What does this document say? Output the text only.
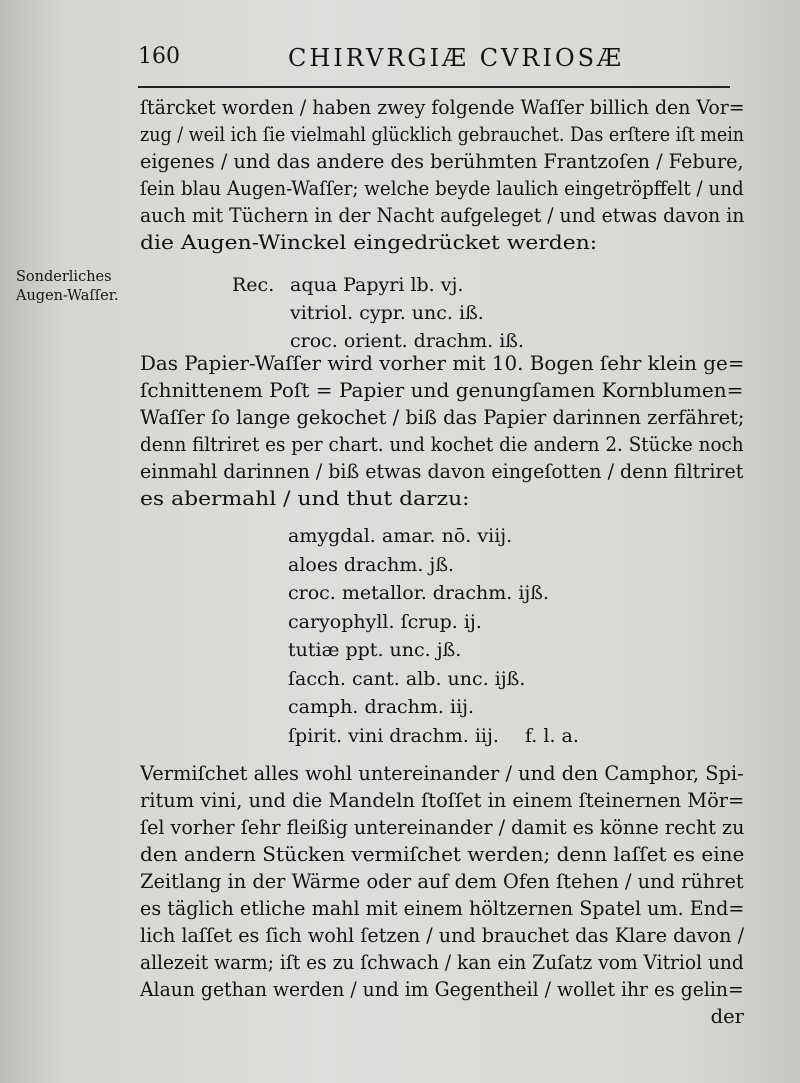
160	CHIRVRGIÆ CVRIOSÆ
ſtärcket worden / haben zwey folgende Waſſer billich den Vor=
zug / weil ich ſie vielmahl glücklich gebrauchet. Das erſtere iſt mein
eigenes / und das andere des berühmten Frantzoſen / Febure,
ſein blau Augen-Waſſer; welche beyde laulich eingetröpffelt / und
auch mit Tüchern in der Nacht aufgeleget / und etwas davon in
die Augen-Winckel eingedrücket werden:
Sonderliches
Augen-Waſſer.	Rec. aqua Papyri lb. vj.
vitriol. cypr. unc. iß.
croc. orient. drachm. iß.
Das Papier-Waſſer wird vorher mit 10. Bogen ſehr klein ge=
ſchnittenem Poſt = Papier und genungſamen Kornblumen=
Waſſer ſo lange gekochet / biß das Papier darinnen zerfähret;
denn filtriret es per chart. und kochet die andern 2. Stücke noch
einmahl darinnen / biß etwas davon eingeſotten / denn filtriret
es abermahl / und thut darzu:
amygdal. amar. nō. viij.
aloes drachm. jß.
croc. metallor. drachm. ijß.
caryophyll. ſcrup. ij.
tutiæ ppt. unc. jß.
ſacch. cant. alb. unc. ijß.
camph. drachm. iij.
ſpirit. vini drachm. iij. f. l. a.
Vermiſchet alles wohl untereinander / und den Camphor, Spi-
ritum vini, und die Mandeln ſtoſſet in einem ſteinernen Mör=
ſel vorher ſehr fleißig untereinander / damit es könne recht zu
den andern Stücken vermiſchet werden; denn laſſet es eine
Zeitlang in der Wärme oder auf dem Ofen ſtehen / und rühret
es täglich etliche mahl mit einem höltzernen Spatel um. End=
lich laſſet es ſich wohl ſetzen / und brauchet das Klare davon /
allezeit warm; iſt es zu ſchwach / kan ein Zuſatz vom Vitriol und
Alaun gethan werden / und im Gegentheil / wollet ihr es gelin=
der
